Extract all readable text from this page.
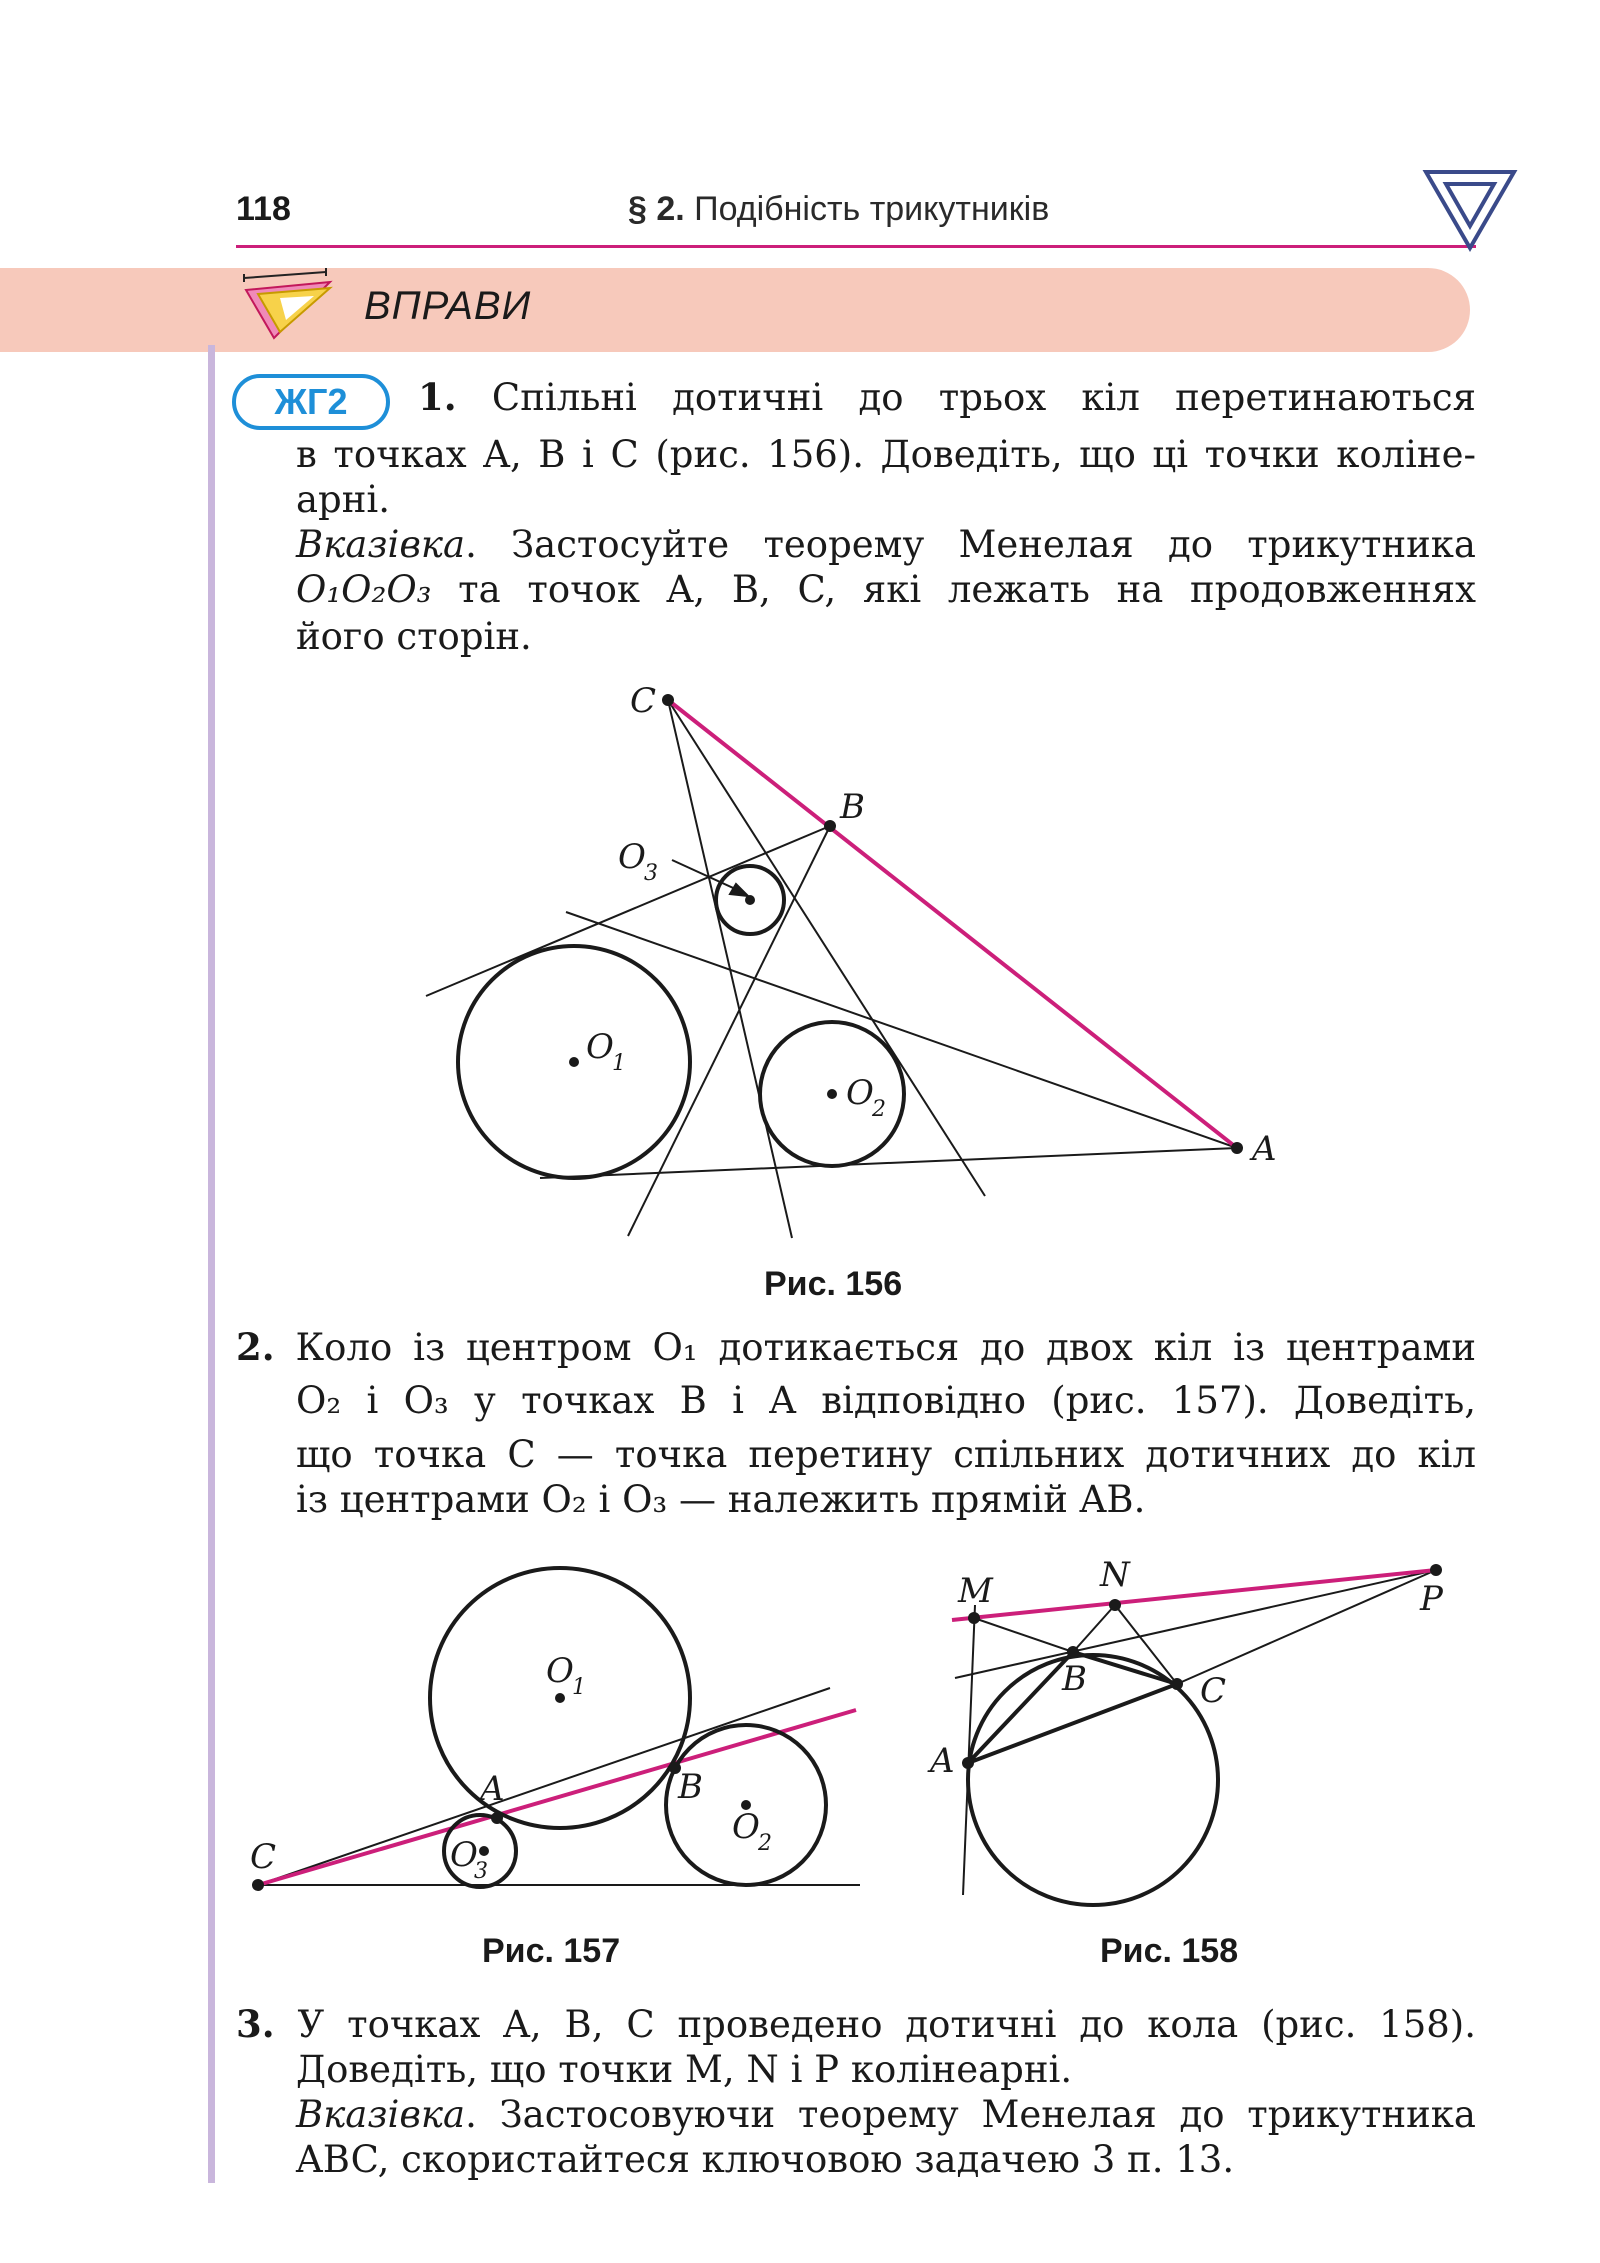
118	§ 2. Подібність трикутників
ВПРАВИ
ЖГ2	1. Спільні дотичні до трьох кіл перетинаються
в точках A, B і C (рис. 156). Доведіть, що ці точки коліне-
арні.
Вказівка. Застосуйте теорему Менелая до трикутника
O₁O₂O₃ та точок A, B, C, які лежать на продовженнях
його сторін.
C
B
A
O
1
O
2
O
3
Рис. 156
2. Коло із центром O₁ дотикається до двох кіл із центрами
O₂ і O₃ у точках B і A відповідно (рис. 157). Доведіть,
що точка C — точка перетину спільних дотичних до кіл
із центрами O₂ і O₃ — належить прямій AB.
O
1
A	B
C
O
2
O
3
Рис. 157
M	N
P
A
B	C
Рис. 158
3. У точках A, B, C проведено дотичні до кола (рис. 158).
Доведіть, що точки M, N і P колінеарні.
Вказівка. Застосовуючи теорему Менелая до трикутника
ABC, скористайтеся ключовою задачею 3 п. 13.
